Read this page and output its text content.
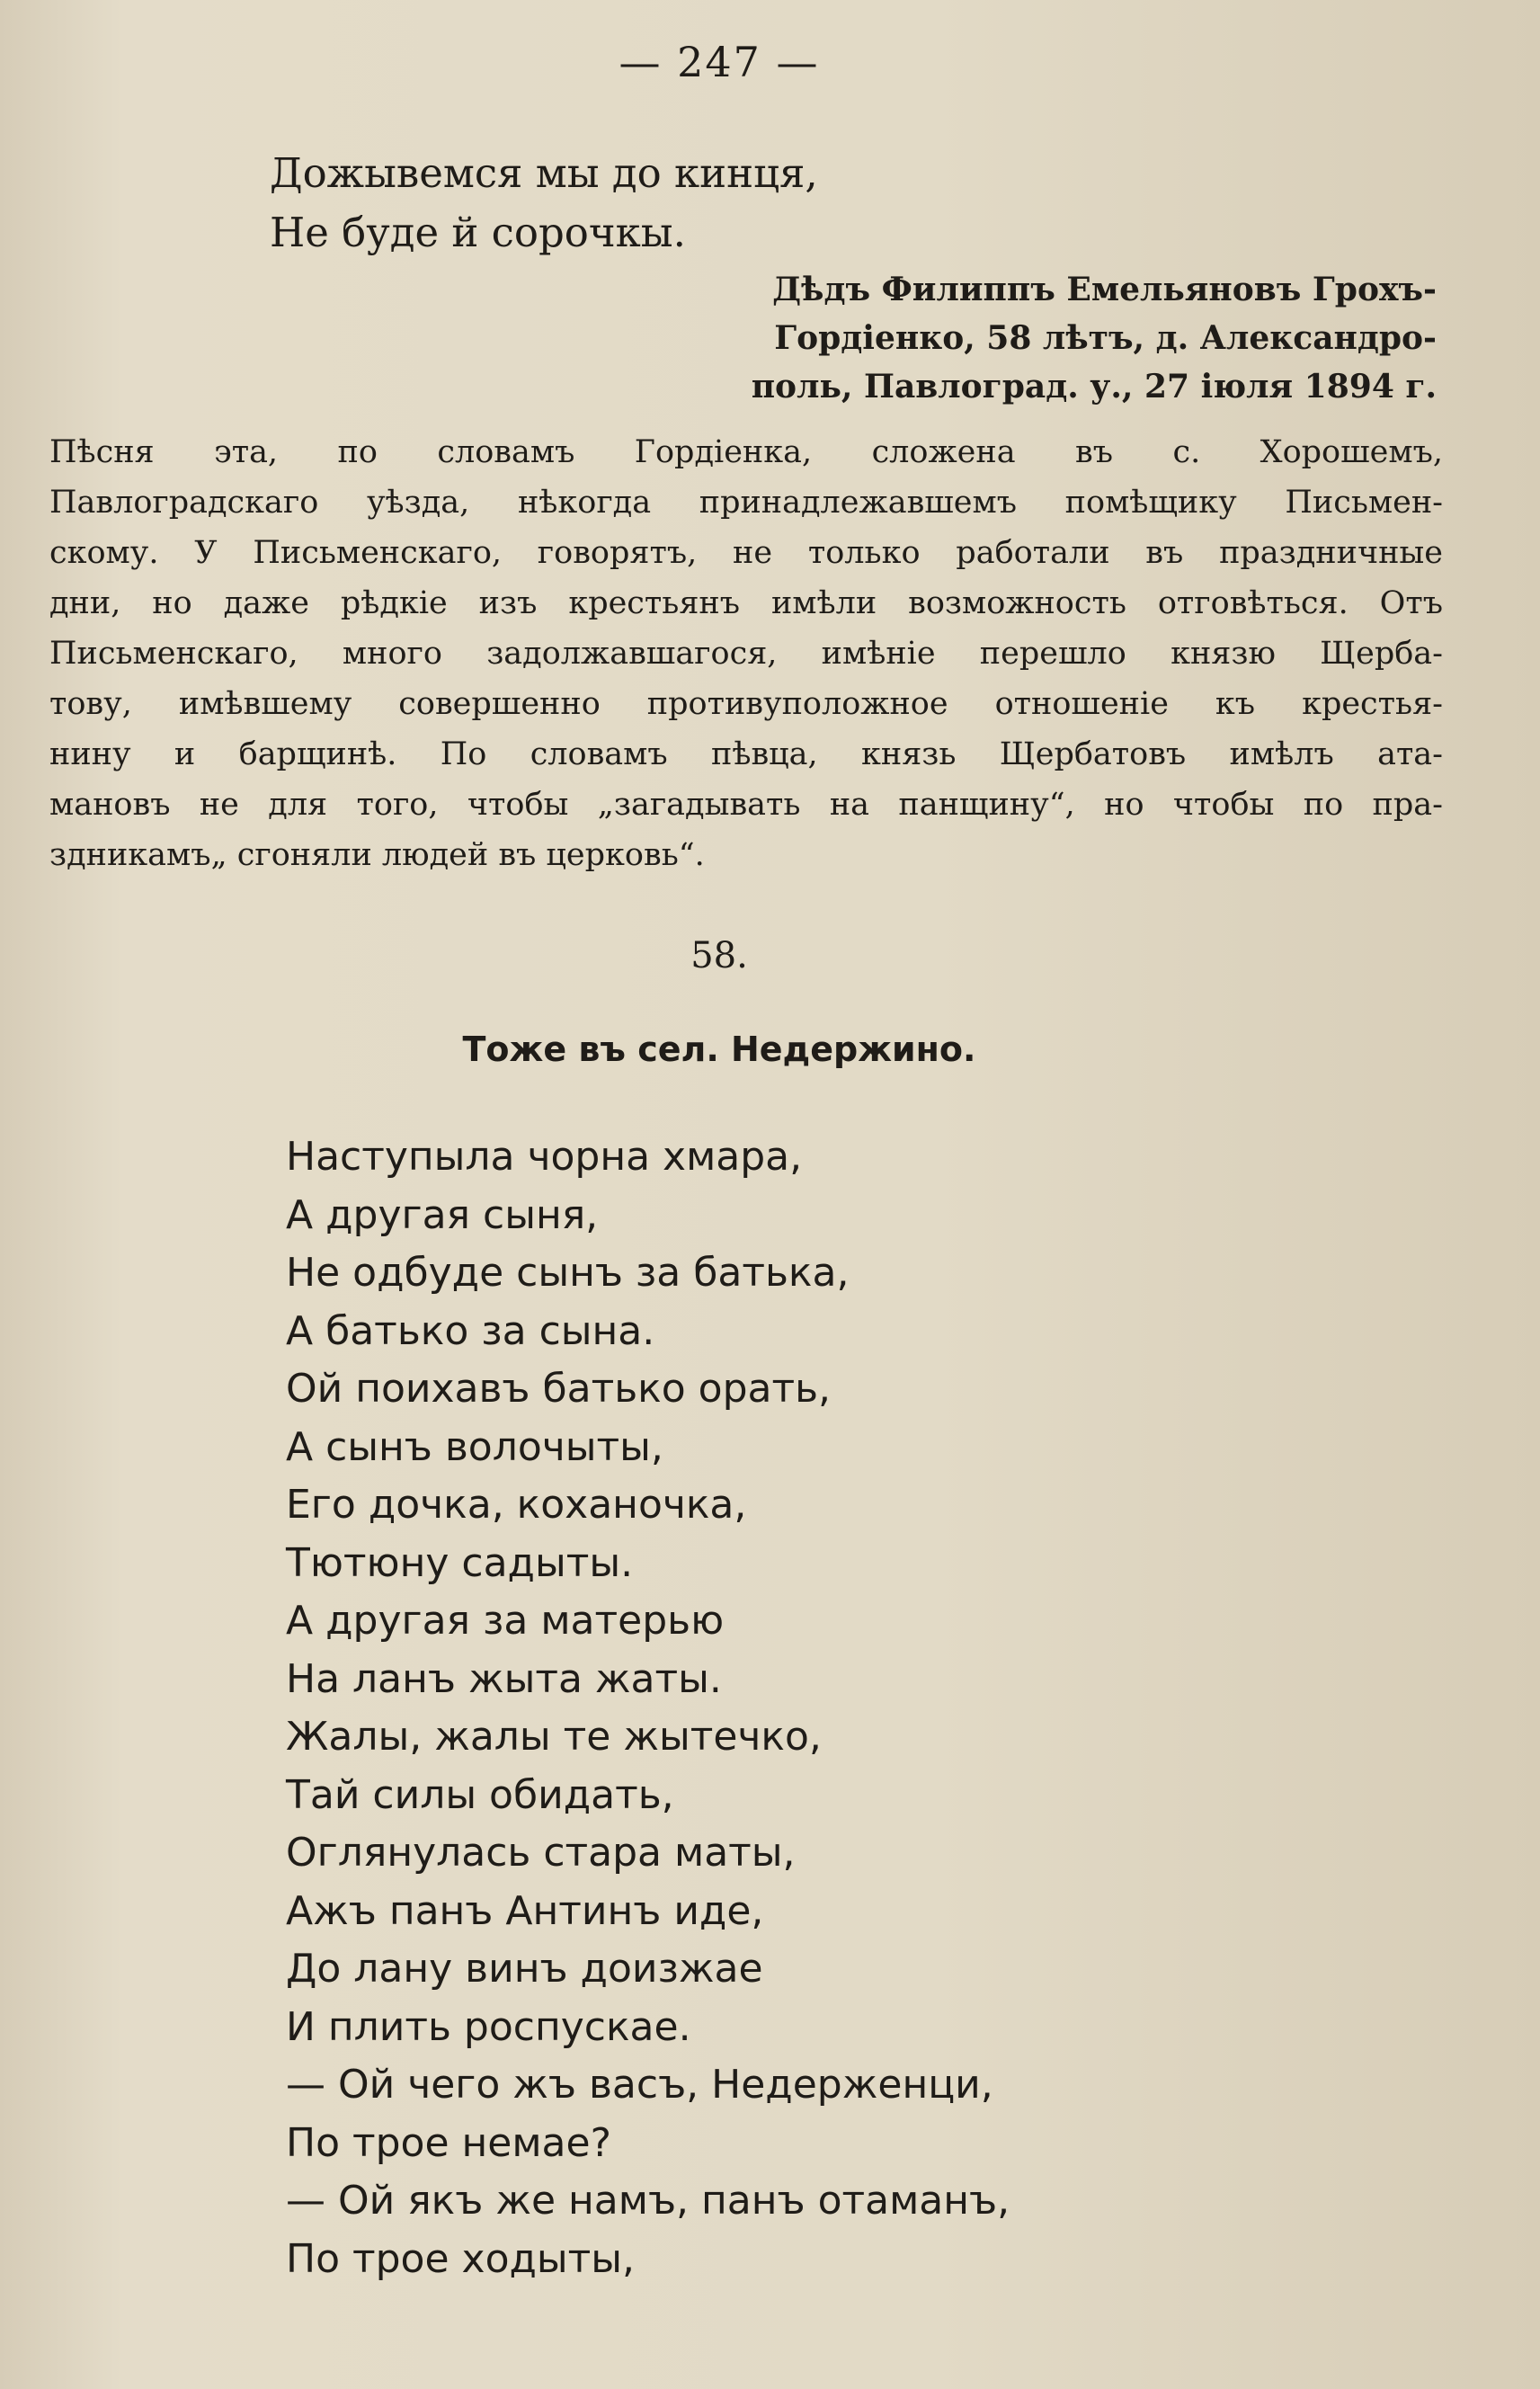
— 247 —
Дожывемся мы до кинця,
Не буде й сорочкы.
Дѣдъ Филиппъ Емельяновъ Грохъ-
Гордіенко, 58 лѣтъ, д. Александро-
поль, Павлоград. у., 27 іюля 1894 г.
Пѣсня эта, по словамъ Гордіенка, сложена въ с. Хорошемъ,
Павлоградскаго уѣзда, нѣкогда принадлежавшемъ помѣщику Письмен-
скому. У Письменскаго, говорятъ, не только работали въ праздничные
дни, но даже рѣдкіе изъ крестьянъ имѣли возможность отговѣться. Отъ
Письменскаго, много задолжавшагося, имѣніе перешло князю Щерба-
тову, имѣвшему совершенно противуположное отношеніе къ крестья-
нину и барщинѣ. По словамъ пѣвца, князь Щербатовъ имѣлъ ата-
мановъ не для того, чтобы „загадывать на панщину“, но чтобы по пра-
здникамъ„ сгоняли людей въ церковь“.
58.
Тоже въ сел. Недержино.
Наступыла чорна хмара,
А другая сыня,
Не одбуде сынъ за батька,
А батько за сына.
Ой поихавъ батько орать,
А сынъ волочыты,
Его дочка, коханочка,
Тютюну садыты.
А другая за матерью
На ланъ жыта жаты.
Жалы, жалы те жытечко,
Тай силы обидать,
Оглянулась стара маты,
Ажъ панъ Антинъ иде,
До лану винъ доизжае
И плить роспускае.
— Ой чего жъ васъ, Недерженци,
По трое немае?
— Ой якъ же намъ, панъ отаманъ,
По трое ходыты,
